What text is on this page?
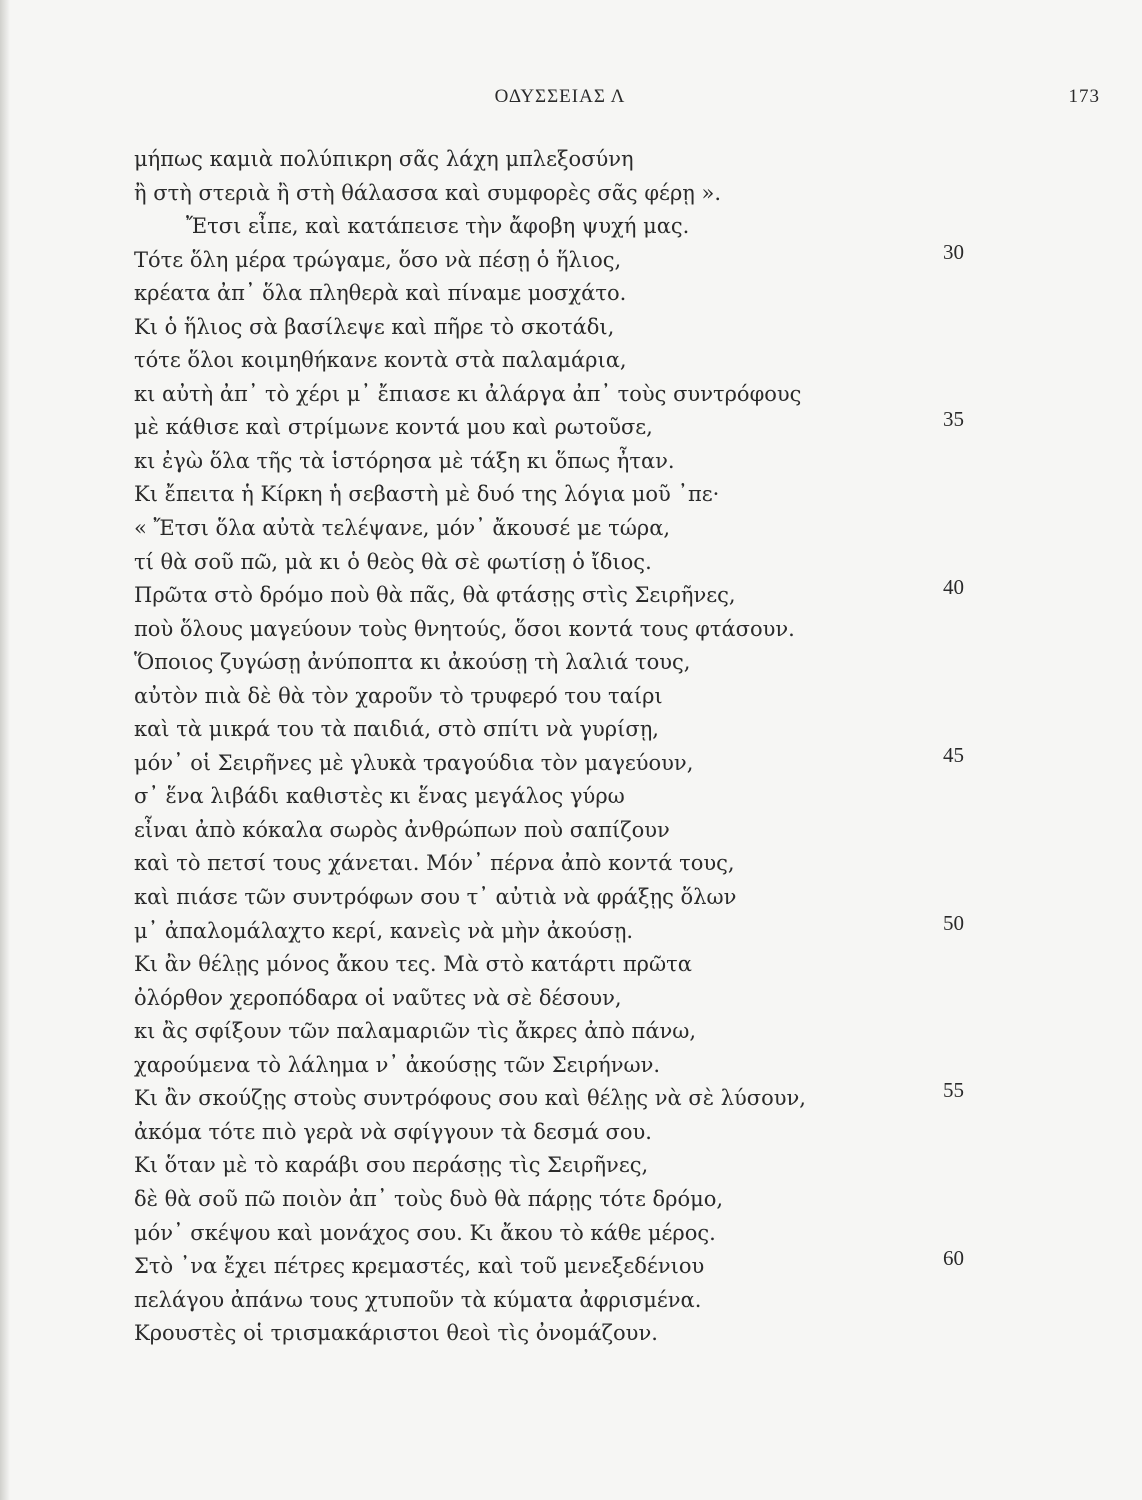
ΟΔΥΣΣΕΙΑΣ Λ	173
μήπως καμιὰ πολύπικρη σᾶς λάχη μπλεξοσύνη
ἢ στὴ στεριὰ ἢ στὴ θάλασσα καὶ συμφορὲς σᾶς φέρῃ ».
Ἔτσι εἶπε, καὶ κατάπεισε τὴν ἄφοβη ψυχή μας.
Τότε ὅλη μέρα τρώγαμε, ὅσο νὰ πέσῃ ὁ ἥλιος,	30
κρέατα ἀπ᾽ ὅλα πληθερὰ καὶ πίναμε μοσχάτο.
Κι ὁ ἥλιος σὰ βασίλεψε καὶ πῆρε τὸ σκοτάδι,
τότε ὅλοι κοιμηθήκανε κοντὰ στὰ παλαμάρια,
κι αὐτὴ ἀπ᾽ τὸ χέρι μ᾽ ἔπιασε κι ἀλάργα ἀπ᾽ τοὺς συντρόφους
μὲ κάθισε καὶ στρίμωνε κοντά μου καὶ ρωτοῦσε,	35
κι ἐγὼ ὅλα τῆς τὰ ἱστόρησα μὲ τάξη κι ὅπως ἦταν.
Κι ἔπειτα ἡ Κίρκη ἡ σεβαστὴ μὲ δυό της λόγια μοῦ ᾽πε·
« Ἔτσι ὅλα αὐτὰ τελέψανε, μόν᾽ ἄκουσέ με τώρα,
τί θὰ σοῦ πῶ, μὰ κι ὁ θεὸς θὰ σὲ φωτίσῃ ὁ ἴδιος.
Πρῶτα στὸ δρόμο ποὺ θὰ πᾶς, θὰ φτάσῃς στὶς Σειρῆνες,	40
ποὺ ὅλους μαγεύουν τοὺς θνητούς, ὅσοι κοντά τους φτάσουν.
Ὅποιος ζυγώσῃ ἀνύποπτα κι ἀκούσῃ τὴ λαλιά τους,
αὐτὸν πιὰ δὲ θὰ τὸν χαροῦν τὸ τρυφερό του ταίρι
καὶ τὰ μικρά του τὰ παιδιά, στὸ σπίτι νὰ γυρίσῃ,
μόν᾽ οἱ Σειρῆνες μὲ γλυκὰ τραγούδια τὸν μαγεύουν,	45
σ᾽ ἕνα λιβάδι καθιστὲς κι ἕνας μεγάλος γύρω
εἶναι ἀπὸ κόκαλα σωρὸς ἀνθρώπων ποὺ σαπίζουν
καὶ τὸ πετσί τους χάνεται. Μόν᾽ πέρνα ἀπὸ κοντά τους,
καὶ πιάσε τῶν συντρόφων σου τ᾽ αὐτιὰ νὰ φράξῃς ὅλων
μ᾽ ἀπαλομάλαχτο κερί, κανεὶς νὰ μὴν ἀκούσῃ.	50
Κι ἂν θέλῃς μόνος ἄκου τες. Μὰ στὸ κατάρτι πρῶτα
ὀλόρθον χεροπόδαρα οἱ ναῦτες νὰ σὲ δέσουν,
κι ἂς σφίξουν τῶν παλαμαριῶν τὶς ἄκρες ἀπὸ πάνω,
χαρούμενα τὸ λάλημα ν᾽ ἀκούσῃς τῶν Σειρήνων.
Κι ἂν σκούζῃς στοὺς συντρόφους σου καὶ θέλῃς νὰ σὲ λύσουν,	55
ἀκόμα τότε πιὸ γερὰ νὰ σφίγγουν τὰ δεσμά σου.
Κι ὅταν μὲ τὸ καράβι σου περάσῃς τὶς Σειρῆνες,
δὲ θὰ σοῦ πῶ ποιὸν ἀπ᾽ τοὺς δυὸ θὰ πάρῃς τότε δρόμο,
μόν᾽ σκέψου καὶ μονάχος σου. Κι ἄκου τὸ κάθε μέρος.
Στὸ ᾽να ἔχει πέτρες κρεμαστές, καὶ τοῦ μενεξεδένιου	60
πελάγου ἀπάνω τους χτυποῦν τὰ κύματα ἀφρισμένα.
Κρουστὲς οἱ τρισμακάριστοι θεοὶ τὶς ὀνομάζουν.
